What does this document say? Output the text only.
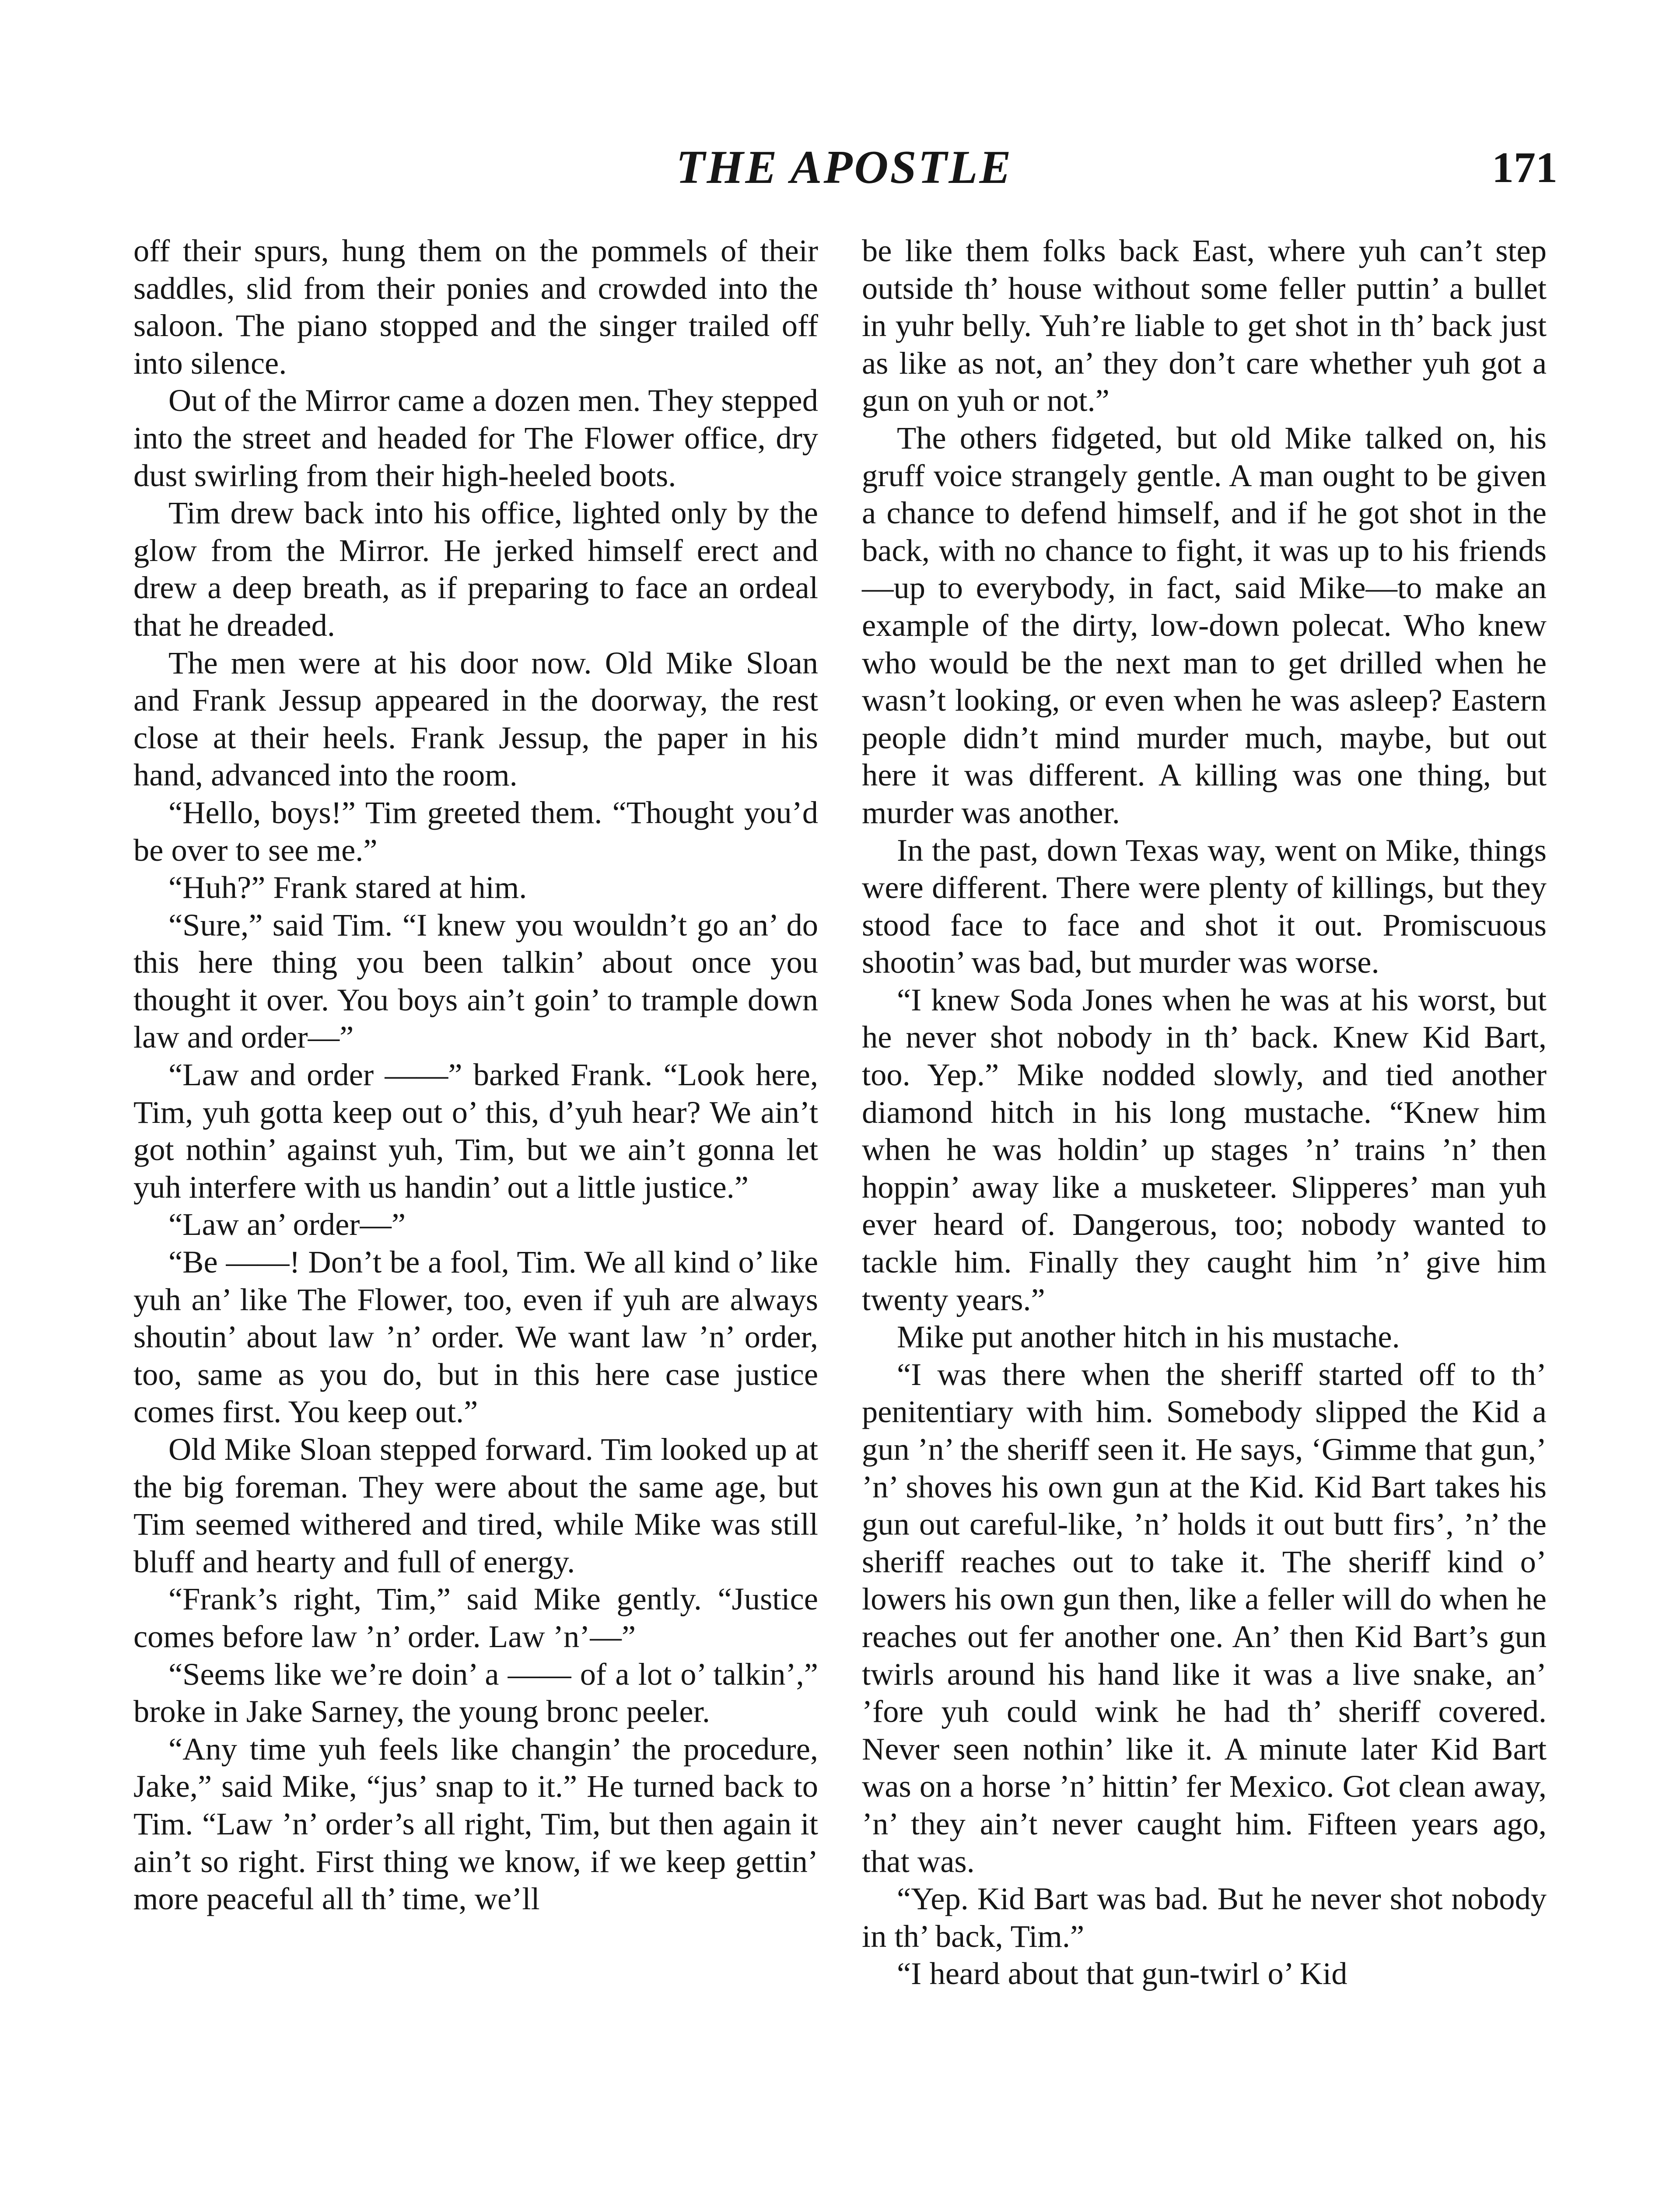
THE APOSTLE	171

off their spurs, hung them on the pommels of their saddles, slid from their ponies and crowded into the saloon. The piano stopped and the singer trailed off into silence.

Out of the Mirror came a dozen men. They stepped into the street and headed for The Flower office, dry dust swirling from their high-heeled boots.

Tim drew back into his office, lighted only by the glow from the Mirror. He jerked himself erect and drew a deep breath, as if preparing to face an ordeal that he dreaded.

The men were at his door now. Old Mike Sloan and Frank Jessup appeared in the doorway, the rest close at their heels. Frank Jessup, the paper in his hand, advanced into the room.

“Hello, boys!” Tim greeted them. “Thought you’d be over to see me.”

“Huh?” Frank stared at him.

“Sure,” said Tim. “I knew you wouldn’t go an’ do this here thing you been talkin’ about once you thought it over. You boys ain’t goin’ to trample down law and order—”

“Law and order ——” barked Frank. “Look here, Tim, yuh gotta keep out o’ this, d’yuh hear? We ain’t got nothin’ against yuh, Tim, but we ain’t gonna let yuh interfere with us handin’ out a little justice.”

“Law an’ order—”

“Be ——! Don’t be a fool, Tim. We all kind o’ like yuh an’ like The Flower, too, even if yuh are always shoutin’ about law ’n’ order. We want law ’n’ order, too, same as you do, but in this here case justice comes first. You keep out.”

Old Mike Sloan stepped forward. Tim looked up at the big foreman. They were about the same age, but Tim seemed withered and tired, while Mike was still bluff and hearty and full of energy.

“Frank’s right, Tim,” said Mike gently. “Justice comes before law ’n’ order. Law ’n’—”

“Seems like we’re doin’ a —— of a lot o’ talkin’,” broke in Jake Sarney, the young bronc peeler.

“Any time yuh feels like changin’ the procedure, Jake,” said Mike, “jus’ snap to it.” He turned back to Tim. “Law ’n’ order’s all right, Tim, but then again it ain’t so right. First thing we know, if we keep gettin’ more peaceful all th’ time, we’ll

be like them folks back East, where yuh can’t step outside th’ house without some feller puttin’ a bullet in yuhr belly. Yuh’re liable to get shot in th’ back just as like as not, an’ they don’t care whether yuh got a gun on yuh or not.”

The others fidgeted, but old Mike talked on, his gruff voice strangely gentle. A man ought to be given a chance to defend himself, and if he got shot in the back, with no chance to fight, it was up to his friends—up to everybody, in fact, said Mike—to make an example of the dirty, low-down polecat. Who knew who would be the next man to get drilled when he wasn’t looking, or even when he was asleep? Eastern people didn’t mind murder much, maybe, but out here it was different. A killing was one thing, but murder was another.

In the past, down Texas way, went on Mike, things were different. There were plenty of killings, but they stood face to face and shot it out. Promiscuous shootin’ was bad, but murder was worse.

“I knew Soda Jones when he was at his worst, but he never shot nobody in th’ back. Knew Kid Bart, too. Yep.” Mike nodded slowly, and tied another diamond hitch in his long mustache. “Knew him when he was holdin’ up stages ’n’ trains ’n’ then hoppin’ away like a musketeer. Slipperes’ man yuh ever heard of. Dangerous, too; nobody wanted to tackle him. Finally they caught him ’n’ give him twenty years.”

Mike put another hitch in his mustache.

“I was there when the sheriff started off to th’ penitentiary with him. Somebody slipped the Kid a gun ’n’ the sheriff seen it. He says, ‘Gimme that gun,’ ’n’ shoves his own gun at the Kid. Kid Bart takes his gun out careful-like, ’n’ holds it out butt firs’, ’n’ the sheriff reaches out to take it. The sheriff kind o’ lowers his own gun then, like a feller will do when he reaches out fer another one. An’ then Kid Bart’s gun twirls around his hand like it was a live snake, an’ ’fore yuh could wink he had th’ sheriff covered. Never seen nothin’ like it. A minute later Kid Bart was on a horse ’n’ hittin’ fer Mexico. Got clean away, ’n’ they ain’t never caught him. Fifteen years ago, that was.

“Yep. Kid Bart was bad. But he never shot nobody in th’ back, Tim.”

“I heard about that gun-twirl o’ Kid
